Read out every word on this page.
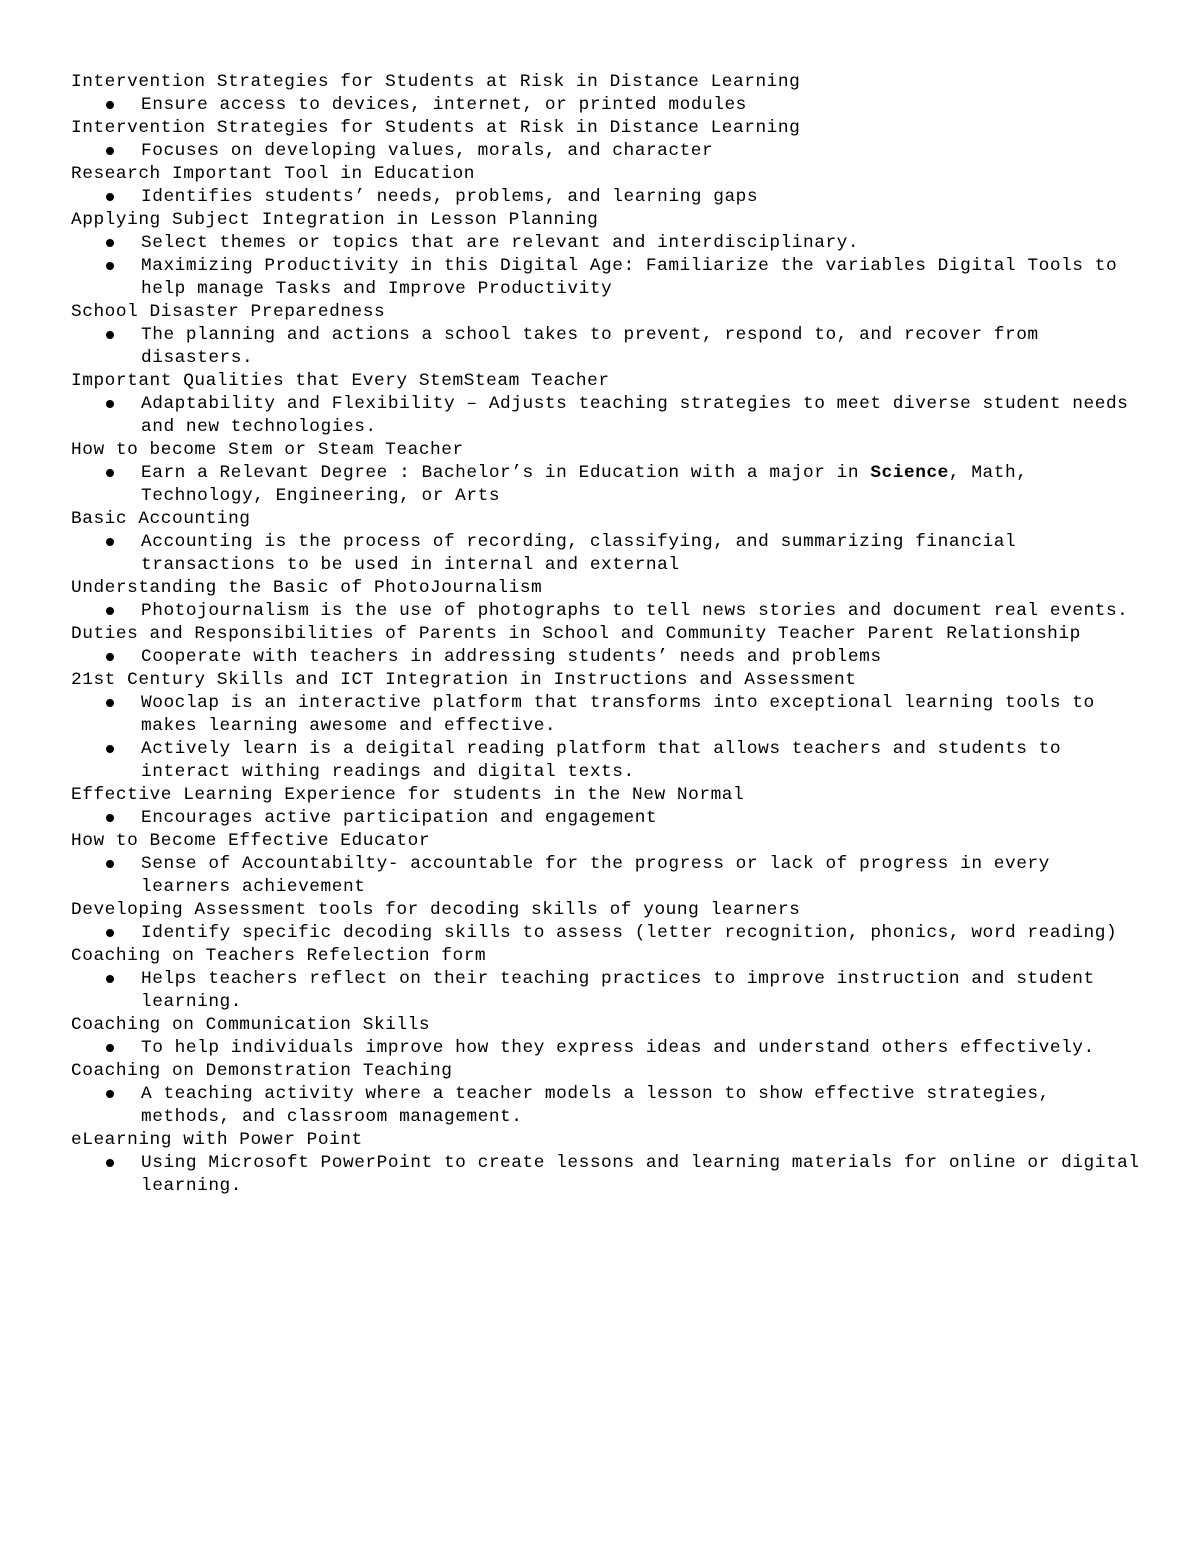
Intervention Strategies for Students at Risk in Distance Learning
Ensure access to devices, internet, or printed modules
Intervention Strategies for Students at Risk in Distance Learning
Focuses on developing values, morals, and character
Research Important Tool in Education
Identifies students’ needs, problems, and learning gaps
Applying Subject Integration in Lesson Planning
Select themes or topics that are relevant and interdisciplinary.
Maximizing Productivity in this Digital Age: Familiarize the variables Digital Tools to help manage Tasks and Improve Productivity
School Disaster Preparedness
The planning and actions a school takes to prevent, respond to, and recover from disasters.
Important Qualities that Every StemSteam Teacher
Adaptability and Flexibility – Adjusts teaching strategies to meet diverse student needs and new technologies.
How to become Stem or Steam Teacher
Earn a Relevant Degree : Bachelor’s in Education with a major in Science, Math, Technology, Engineering, or Arts
Basic Accounting
Accounting is the process of recording, classifying, and summarizing financial transactions to be used in internal and external
Understanding the Basic of PhotoJournalism
Photojournalism is the use of photographs to tell news stories and document real events.
Duties and Responsibilities of Parents in School and Community Teacher Parent Relationship
Cooperate with teachers in addressing students’ needs and problems
21st Century Skills and ICT Integration in Instructions and Assessment
Wooclap is an interactive platform that transforms into exceptional learning tools to makes learning awesome and effective.
Actively learn is a deigital reading platform that allows teachers and students to interact withing readings and digital texts.
Effective Learning Experience for students in the New Normal
Encourages active participation and engagement
How to Become Effective Educator
Sense of Accountabilty- accountable for the progress or lack of progress in every learners achievement
Developing Assessment tools for decoding skills of young learners
Identify specific decoding skills to assess (letter recognition, phonics, word reading)
Coaching on Teachers Refelection form
Helps teachers reflect on their teaching practices to improve instruction and student learning.
Coaching on Communication Skills
To help individuals improve how they express ideas and understand others effectively.
Coaching on Demonstration Teaching
A teaching activity where a teacher models a lesson to show effective strategies, methods, and classroom management.
eLearning with Power Point
Using Microsoft PowerPoint to create lessons and learning materials for online or digital learning.
